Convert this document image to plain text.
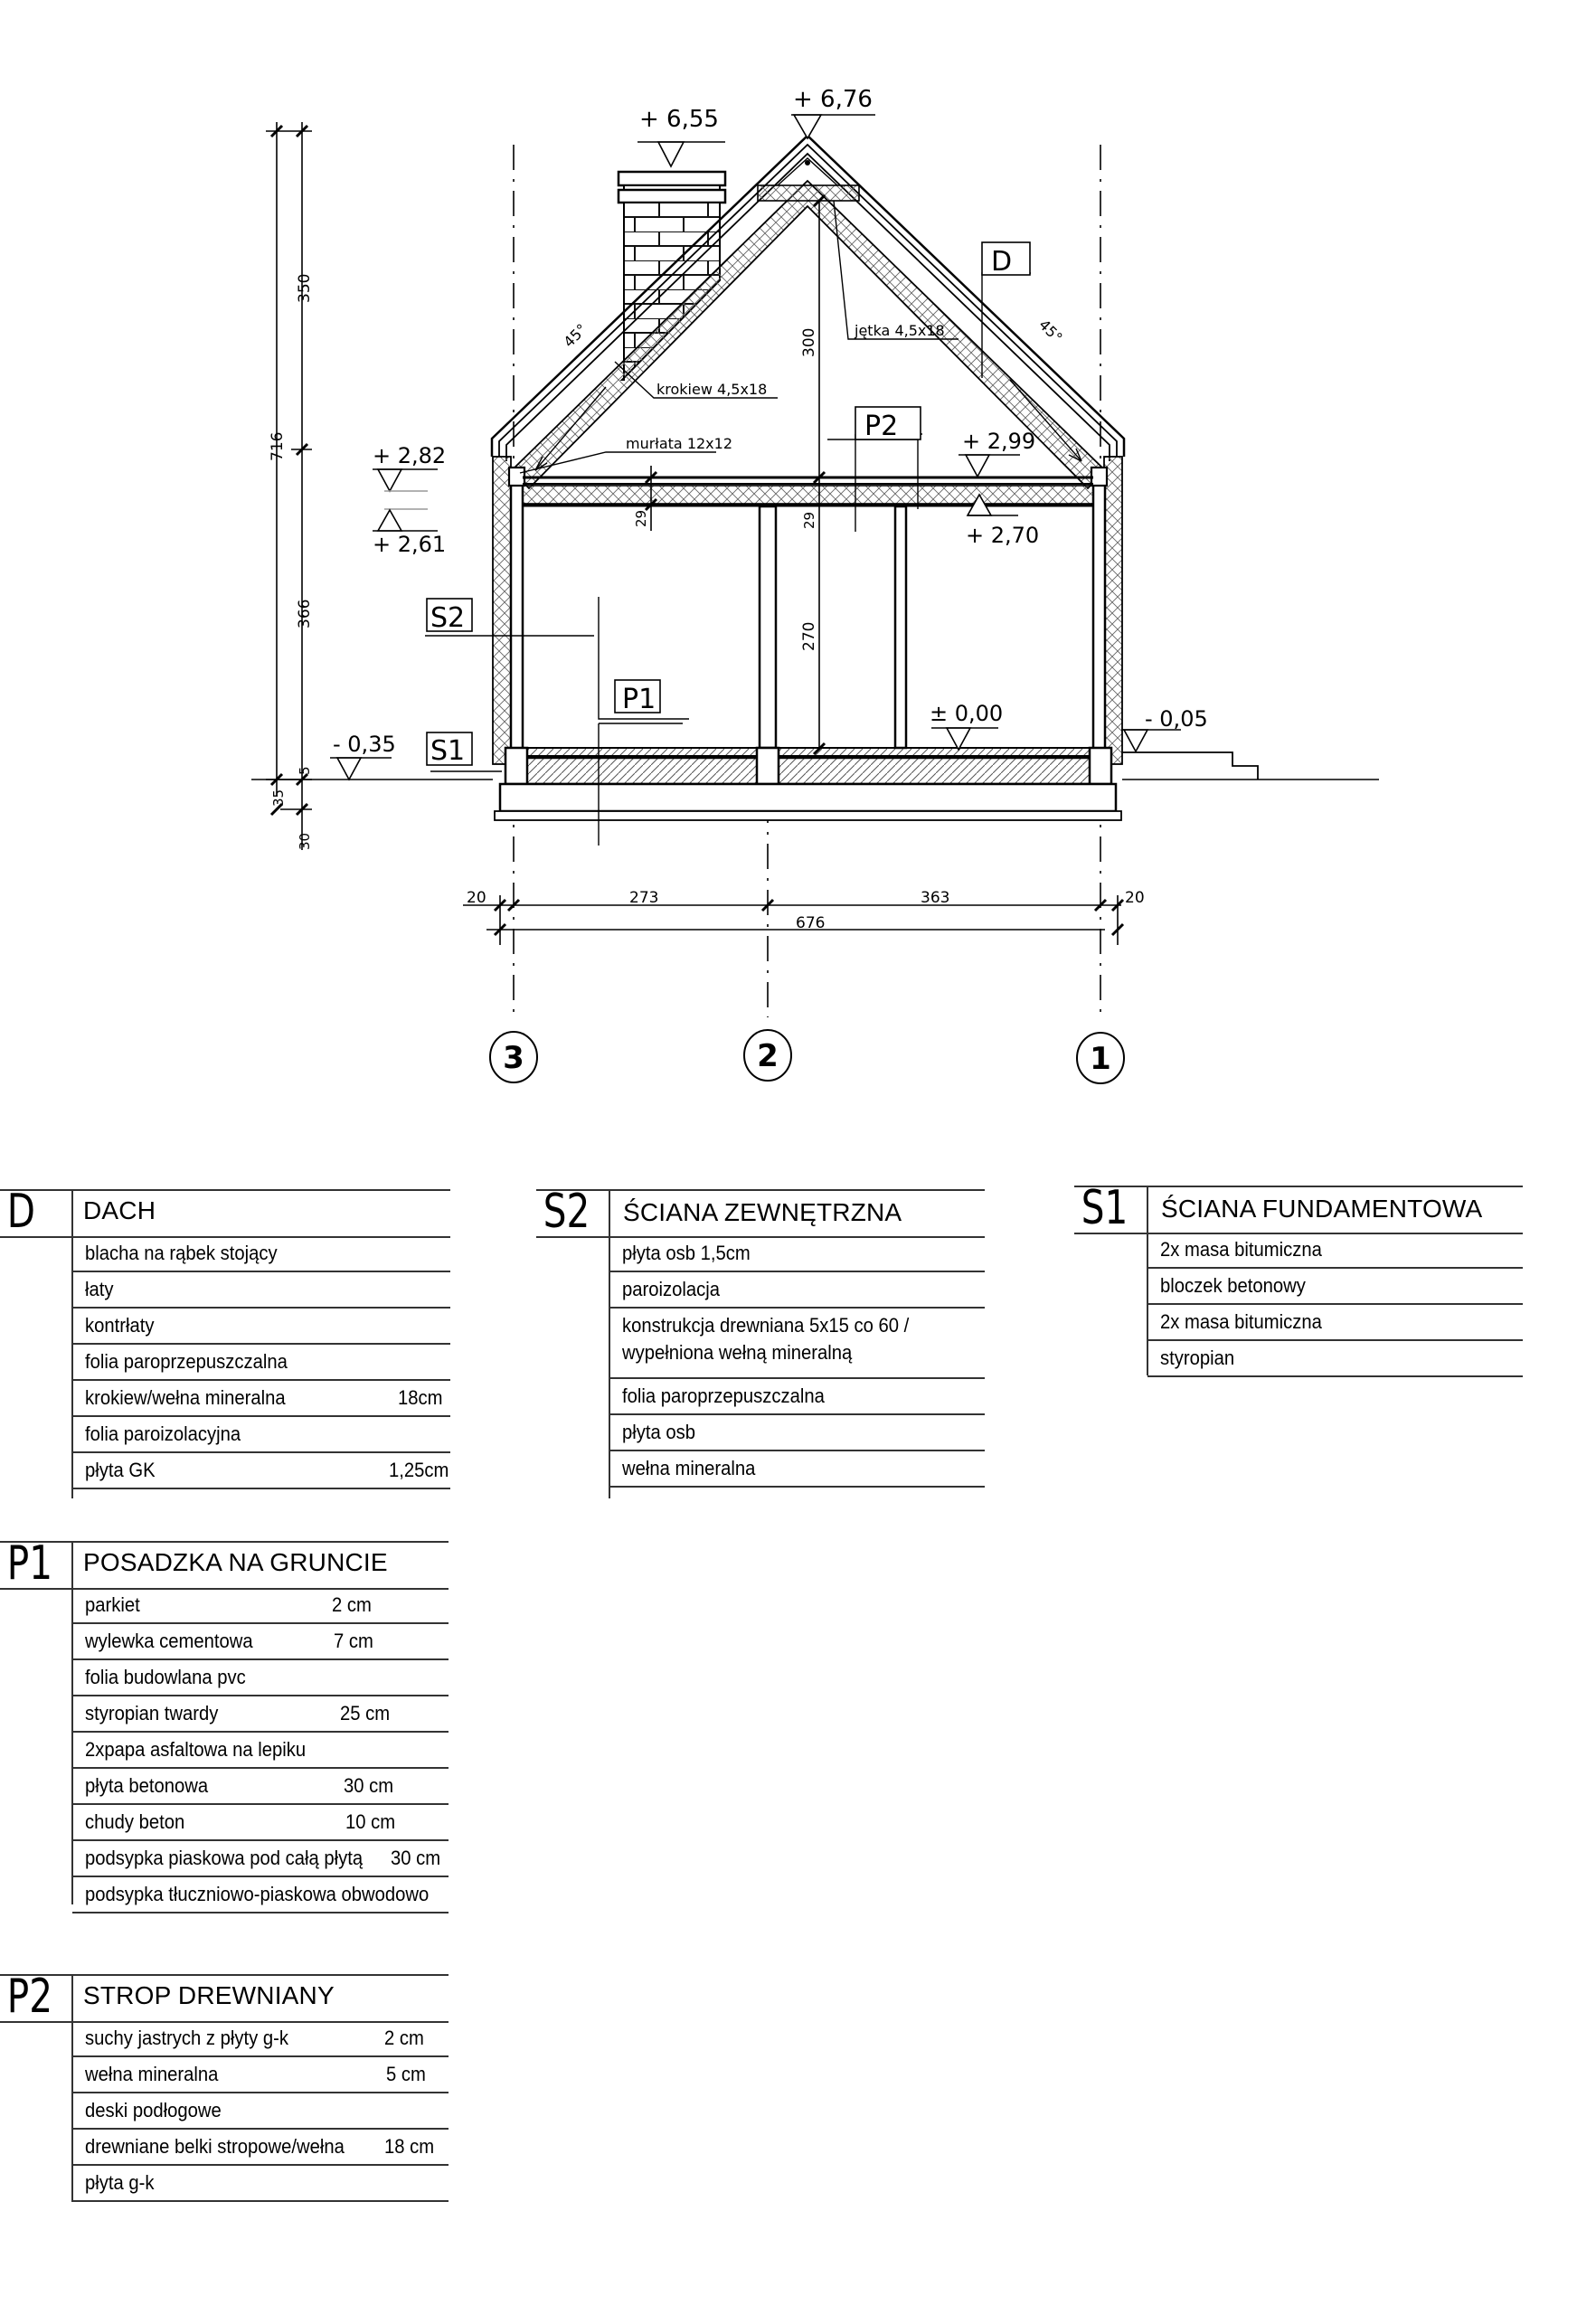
+ 6,55
+ 6,76
+ 2,82
+ 2,61
+ 2,99
+ 2,70
± 0,00	- 0,05
- 0,35
716
350
366
5
35
30
300
270
29	29
45°	45°
krokiew 4,5x18
jętka 4,5x18
murłata 12x12
S2
S1
P1
P2
D
20	273	363	20
676
3	2	1
D DACH
blacha na rąbek stojący
łaty
kontrłaty
folia paroprzepuszczalna
krokiew/wełna mineralna	18cm
folia paroizolacyjna
płyta GK	1,25cm
S2 ŚCIANA ZEWNĘTRZNA
płyta osb 1,5cm
paroizolacja
konstrukcja drewniana 5x15 co 60 / wypełniona wełną mineralną
folia paroprzepuszczalna
płyta osb
wełna mineralna
S1 ŚCIANA FUNDAMENTOWA
2x masa bitumiczna
bloczek betonowy
2x masa bitumiczna
styropian
P1 POSADZKA NA GRUNCIE
parkiet	2 cm
wylewka cementowa	7 cm
folia budowlana pvc
styropian twardy	25 cm
2xpapa asfaltowa na lepiku
płyta betonowa	30 cm
chudy beton	10 cm
podsypka piaskowa pod całą płytą 30 cm
podsypka tłuczniowo-piaskowa obwodowo
P2 STROP DREWNIANY
suchy jastrych z płyty g-k	2 cm
wełna mineralna	5 cm
deski podłogowe
drewniane belki stropowe/wełna 18 cm
płyta g-k
